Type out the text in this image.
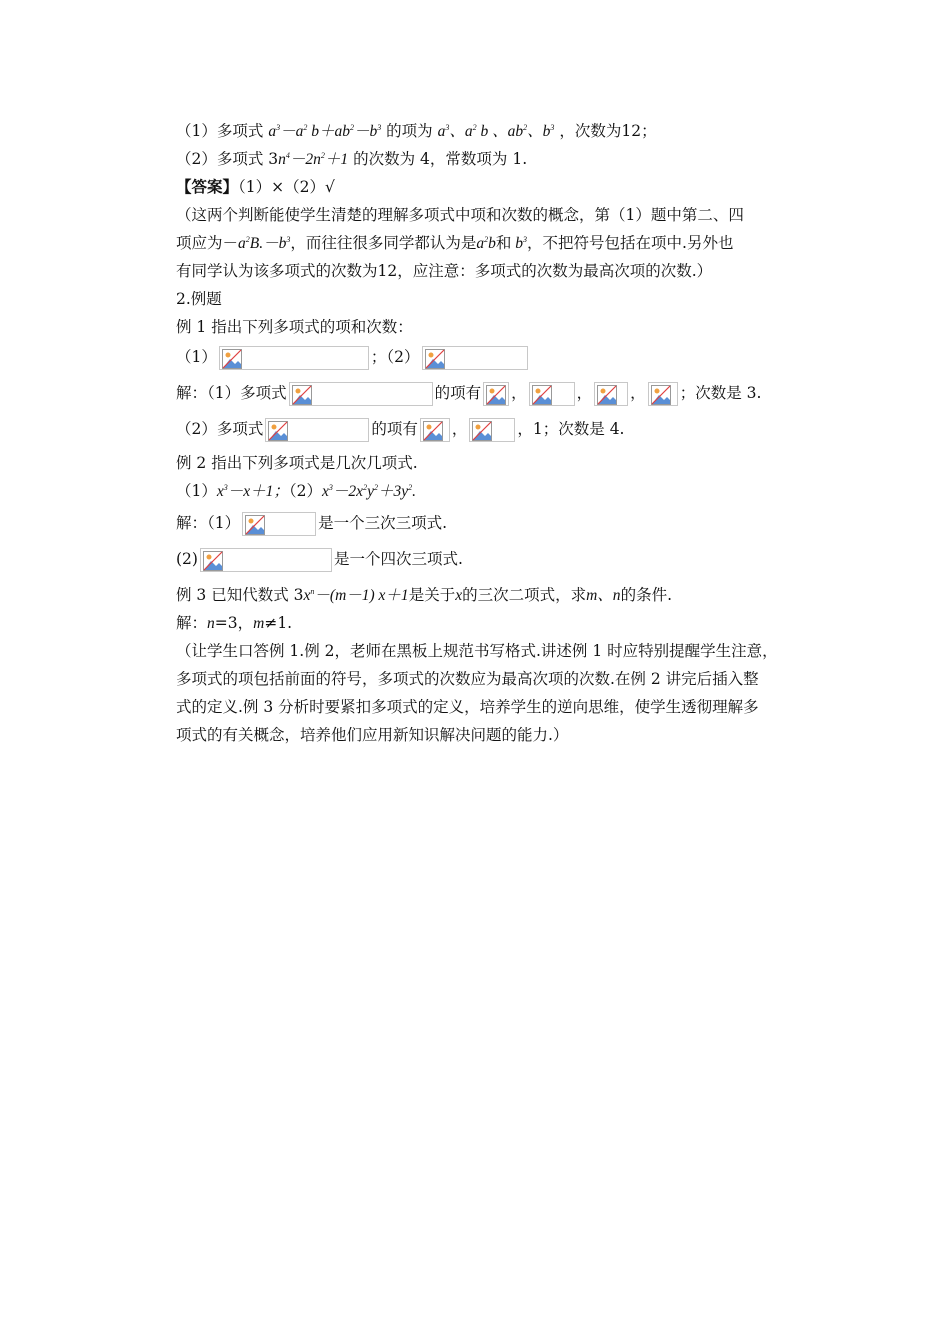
（1）多项式 $a^3-a^2$ $b+ab^2-b^3$ 的项为 $a^3$、$a^2$ b 、$ab^2$、$b^3$ ，次数为12；
（2）多项式 $3n^4-2n^2+1$ 的次数为 4，常数项为 1.
【答案】（1）×（2）√
（这两个判断能使学生清楚的理解多项式中项和次数的概念，第（1）题中第二、四
项应为$-a^2B.-b^3$，而往往很多同学都认为是$a^2b$和 $b^3$，不把符号包括在项中.另外也
有同学认为该多项式的次数为12，应注意：多项式的次数为最高次项的次数.）
2.例题
例 1 指出下列多项式的项和次数：
（1）	；（2）
解：（1）多项式	的项有 ，	， ， ；次数是 3.
（2）多项式	的项有 ，	，1；次数是 4.
例 2 指出下列多项式是几次几项式.
$(1)x^3-x+1$；$(2)x^3-2x^2y^2+3y^2$.
解：（1）	是一个三次三项式.
(2)	是一个四次三项式.
例 3 已知代数式 $3x^n-(m-1)$ x＋1是关于x的三次二项式，求m、n的条件.
解：n=3，m≠1.
（让学生口答例 1.例 2，老师在黑板上规范书写格式.讲述例 1 时应特别提醒学生注意，
多项式的项包括前面的符号，多项式的次数应为最高次项的次数.在例 2 讲完后插入整
式的定义.例 3 分析时要紧扣多项式的定义，培养学生的逆向思维，使学生透彻理解多
项式的有关概念，培养他们应用新知识解决问题的能力.）
